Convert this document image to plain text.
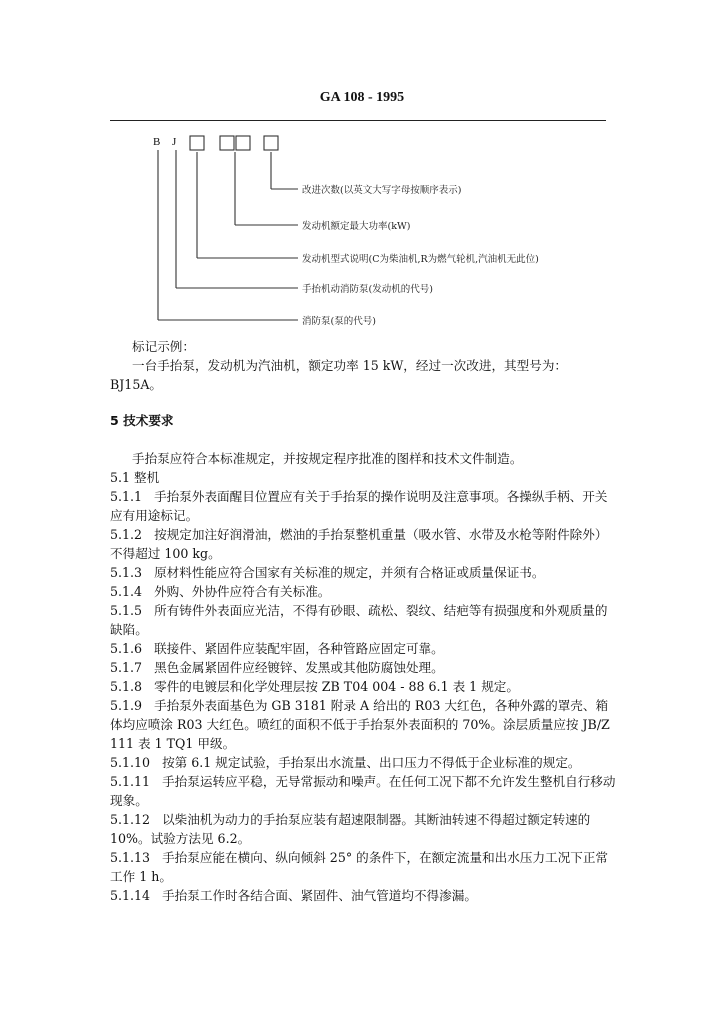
GA 108 - 1995
B J
改进次数(以英文大写字母按顺序表示)
发动机额定最大功率(kW)
发动机型式说明(C为柴油机,R为燃气轮机,汽油机无此位)
手抬机动消防泵(发动机的代号)
消防泵(泵的代号)

标记示例：

一台手抬泵，发动机为汽油机，额定功率 15 kW，经过一次改进，其型号为：

BJ15A。

5 技术要求

手抬泵应符合本标准规定，并按规定程序批准的图样和技术文件制造。

5.1 整机

5.1.1 手抬泵外表面醒目位置应有关于手抬泵的操作说明及注意事项。各操纵手柄、开关应有用途标记。

5.1.2 按规定加注好润滑油，燃油的手抬泵整机重量（吸水管、水带及水枪等附件除外）不得超过 100 kg。

5.1.3 原材料性能应符合国家有关标准的规定，并须有合格证或质量保证书。

5.1.4 外购、外协件应符合有关标准。

5.1.5 所有铸件外表面应光洁，不得有砂眼、疏松、裂纹、结疤等有损强度和外观质量的缺陷。

5.1.6 联接件、紧固件应装配牢固，各种管路应固定可靠。

5.1.7 黑色金属紧固件应经镀锌、发黑或其他防腐蚀处理。

5.1.8 零件的电镀层和化学处理层按 ZB T04 004 - 88 6.1 表 1 规定。

5.1.9 手抬泵外表面基色为 GB 3181 附录 A 给出的 R03 大红色，各种外露的罩壳、箱体均应喷涂 R03 大红色。喷红的面积不低于手抬泵外表面积的 70%。涂层质量应按 JB/Z 111 表 1 TQ1 甲级。

5.1.10 按第 6.1 规定试验，手抬泵出水流量、出口压力不得低于企业标准的规定。

5.1.11 手抬泵运转应平稳，无导常振动和噪声。在任何工况下都不允许发生整机自行移动现象。

5.1.12 以柴油机为动力的手抬泵应装有超速限制器。其断油转速不得超过额定转速的 10%。试验方法见 6.2。

5.1.13 手抬泵应能在横向、纵向倾斜 25° 的条件下，在额定流量和出水压力工况下正常工作 1 h。

5.1.14 手抬泵工作时各结合面、紧固件、油气管道均不得渗漏。
